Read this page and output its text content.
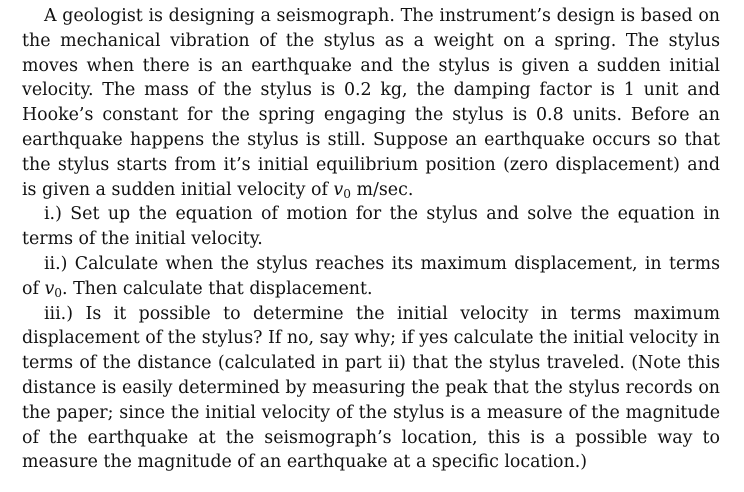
A geologist is designing a seismograph. The instrument’s design is based on the mechanical vibration of the stylus as a weight on a spring. The stylus moves when there is an earthquake and the stylus is given a sudden initial velocity. The mass of the stylus is 0.2 kg, the damping factor is 1 unit and Hooke’s constant for the spring engaging the stylus is 0.8 units. Before an earthquake happens the stylus is still. Suppose an earthquake occurs so that the stylus starts from it’s initial equilibrium position (zero displacement) and is given a sudden initial velocity of $v_0$ m/sec.

i.) Set up the equation of motion for the stylus and solve the equation in terms of the initial velocity.

ii.) Calculate when the stylus reaches its maximum displacement, in terms of $v_0$. Then calculate that displacement.

iii.) Is it possible to determine the initial velocity in terms maximum displacement of the stylus? If no, say why; if yes calculate the initial velocity in terms of the distance (calculated in part ii) that the stylus traveled. (Note this distance is easily determined by measuring the peak that the stylus records on the paper; since the initial velocity of the stylus is a measure of the magnitude of the earthquake at the seismograph’s location, this is a possible way to measure the magnitude of an earthquake at a specific location.)
